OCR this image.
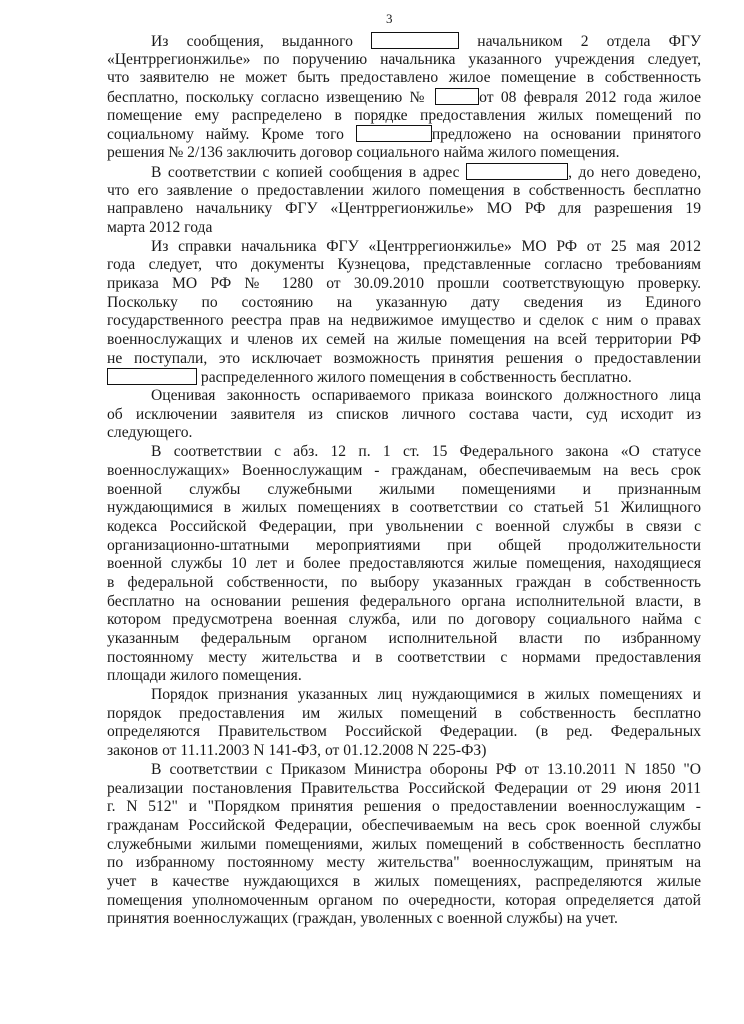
3
Из сообщения, выданного	начальником 2 отдела ФГУ
«Центррегионжилье» по поручению начальника указанного учреждения следует,
что заявителю не может быть предоставлено жилое помещение в собственность
бесплатно, поскольку согласно извещению №	от 08 февраля 2012 года жилое
помещение ему распределено в порядке предоставления жилых помещений по
социальному найму. Кроме того	предложено на основании принятого
решения № 2/136 заключить договор социального найма жилого помещения.
В соответствии с копией сообщения в адрес	, до него доведено,
что его заявление о предоставлении жилого помещения в собственность бесплатно
направлено начальнику ФГУ «Центррегионжилье» МО РФ для разрешения 19
марта 2012 года
Из справки начальника ФГУ «Центррегионжилье» МО РФ от 25 мая 2012
года следует, что документы Кузнецова, представленные согласно требованиям
приказа МО РФ № 1280 от 30.09.2010 прошли соответствующую проверку.
Поскольку по состоянию на указанную дату сведения из Единого
государственного реестра прав на недвижимое имущество и сделок с ним о правах
военнослужащих и членов их семей на жилые помещения на всей территории РФ
не поступали, это исключает возможность принятия решения о предоставлении
распределенного жилого помещения в собственность бесплатно.
Оценивая законность оспариваемого приказа воинского должностного лица
об исключении заявителя из списков личного состава части, суд исходит из
следующего.
В соответствии с абз. 12 п. 1 ст. 15 Федерального закона «О статусе
военнослужащих» Военнослужащим - гражданам, обеспечиваемым на весь срок
военной службы служебными жилыми помещениями и признанным
нуждающимися в жилых помещениях в соответствии со статьей 51 Жилищного
кодекса Российской Федерации, при увольнении с военной службы в связи с
организационно-штатными мероприятиями при общей продолжительности
военной службы 10 лет и более предоставляются жилые помещения, находящиеся
в федеральной собственности, по выбору указанных граждан в собственность
бесплатно на основании решения федерального органа исполнительной власти, в
котором предусмотрена военная служба, или по договору социального найма с
указанным федеральным органом исполнительной власти по избранному
постоянному месту жительства и в соответствии с нормами предоставления
площади жилого помещения.
Порядок признания указанных лиц нуждающимися в жилых помещениях и
порядок предоставления им жилых помещений в собственность бесплатно
определяются Правительством Российской Федерации. (в ред. Федеральных
законов от 11.11.2003 N 141-ФЗ, от 01.12.2008 N 225-ФЗ)
В соответствии с Приказом Министра обороны РФ от 13.10.2011 N 1850 "О
реализации постановления Правительства Российской Федерации от 29 июня 2011
г. N 512" и "Порядком принятия решения о предоставлении военнослужащим -
гражданам Российской Федерации, обеспечиваемым на весь срок военной службы
служебными жилыми помещениями, жилых помещений в собственность бесплатно
по избранному постоянному месту жительства" военнослужащим, принятым на
учет в качестве нуждающихся в жилых помещениях, распределяются жилые
помещения уполномоченным органом по очередности, которая определяется датой
принятия военнослужащих (граждан, уволенных с военной службы) на учет.
